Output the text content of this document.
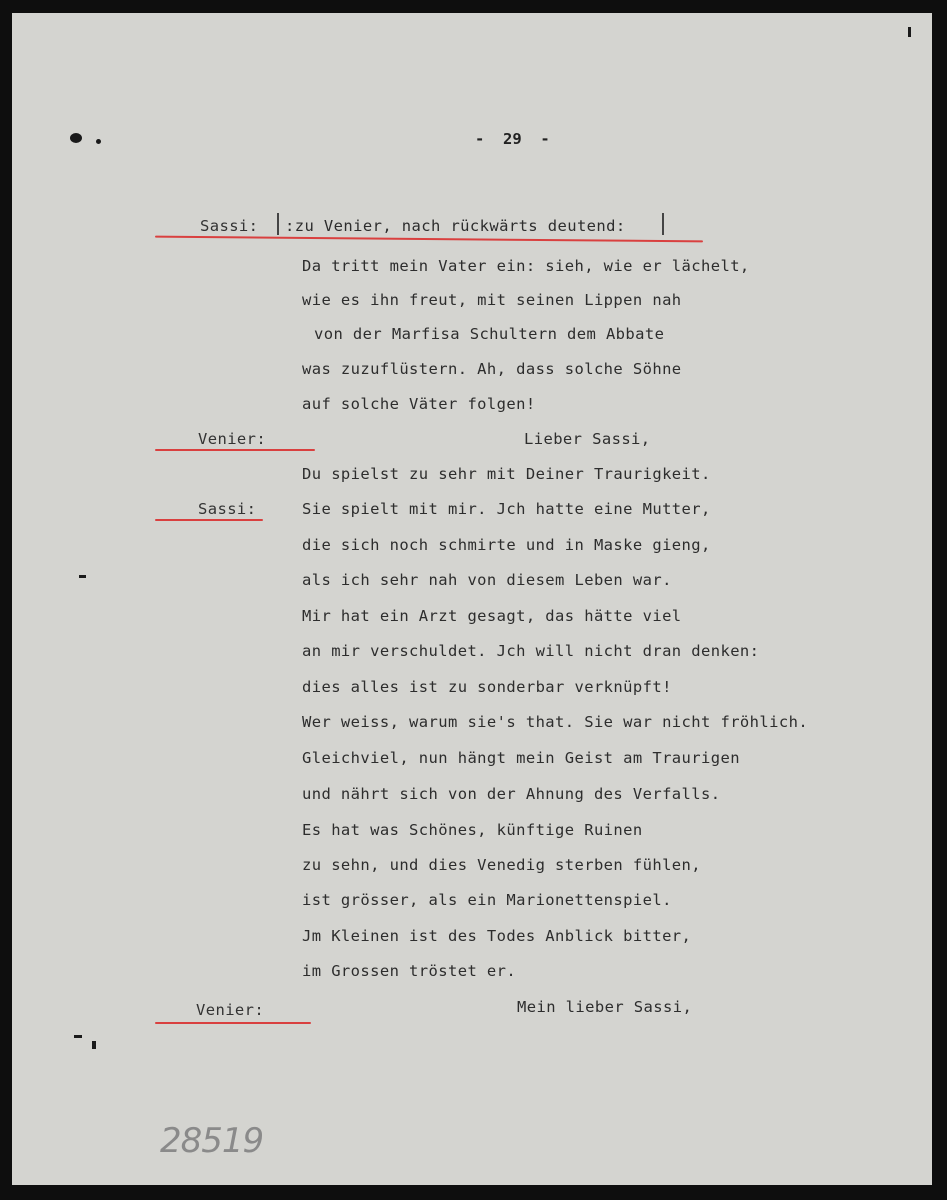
-  29  -
Sassi: :zu Venier, nach rückwärts deutend:
Da tritt mein Vater ein: sieh, wie er lächelt,
wie es ihn freut, mit seinen Lippen nah
von der Marfisa Schultern dem Abbate
was zuzuflüstern. Ah, dass solche Söhne
auf solche Väter folgen!
Venier:	Lieber Sassi,
Du spielst zu sehr mit Deiner Traurigkeit.
Sassi:	Sie spielt mit mir. Jch hatte eine Mutter,
die sich noch schmirte und in Maske gieng,
als ich sehr nah von diesem Leben war.
Mir hat ein Arzt gesagt, das hätte viel
an mir verschuldet. Jch will nicht dran denken:
dies alles ist zu sonderbar verknüpft!
Wer weiss, warum sie's that. Sie war nicht fröhlich.
Gleichviel, nun hängt mein Geist am Traurigen
und nährt sich von der Ahnung des Verfalls.
Es hat was Schönes, künftige Ruinen
zu sehn, und dies Venedig sterben fühlen,
ist grösser, als ein Marionettenspiel.
Jm Kleinen ist des Todes Anblick bitter,
im Grossen tröstet er.
Venier:	Mein lieber Sassi,
28519
